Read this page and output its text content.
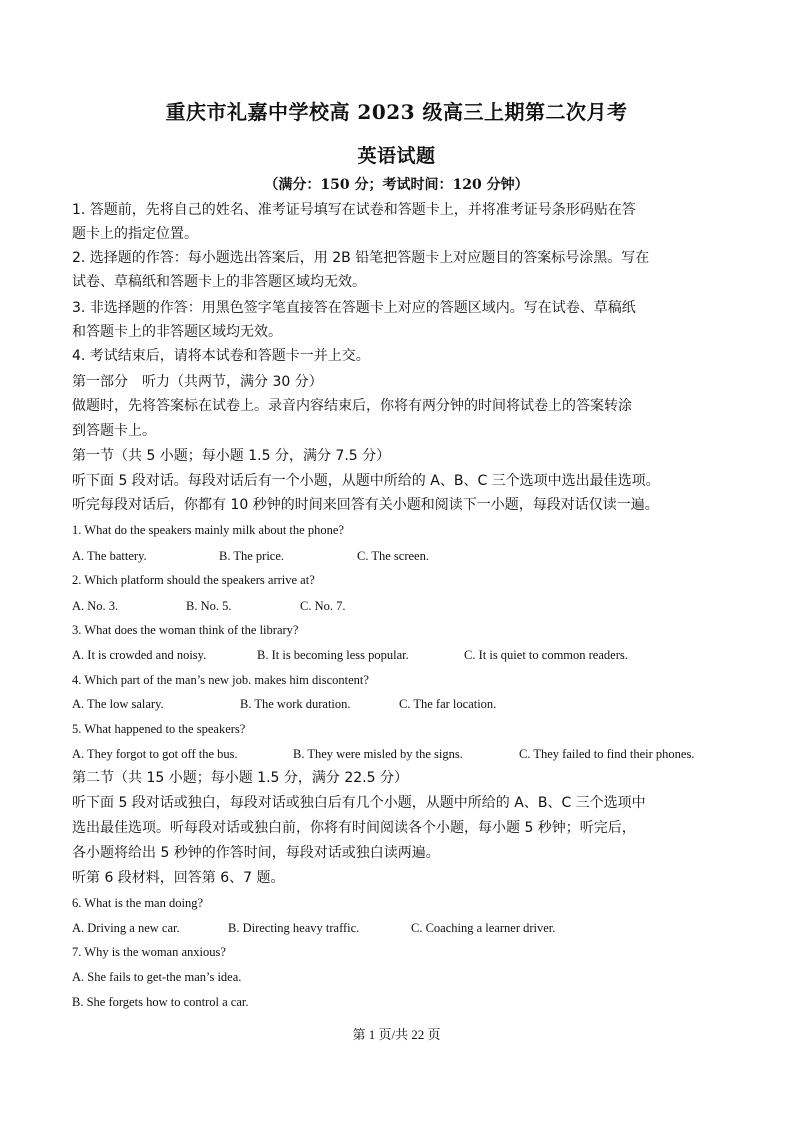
重庆市礼嘉中学校高 2023 级高三上期第二次月考
英语试题
（满分：150 分；考试时间：120 分钟）
1. 答题前，先将自己的姓名、准考证号填写在试卷和答题卡上，并将准考证号条形码贴在答
题卡上的指定位置。
2. 选择题的作答：每小题选出答案后，用 2B 铅笔把答题卡上对应题目的答案标号涂黑。写在
试卷、草稿纸和答题卡上的非答题区域均无效。
3. 非选择题的作答：用黑色签字笔直接答在答题卡上对应的答题区域内。写在试卷、草稿纸
和答题卡上的非答题区域均无效。
4. 考试结束后，请将本试卷和答题卡一并上交。
第一部分　听力（共两节，满分 30 分）
做题时，先将答案标在试卷上。录音内容结束后，你将有两分钟的时间将试卷上的答案转涂
到答题卡上。
第一节（共 5 小题；每小题 1.5 分，满分 7.5 分）
听下面 5 段对话。每段对话后有一个小题，从题中所给的 A、B、C 三个选项中选出最佳选项。
听完每段对话后，你都有 10 秒钟的时间来回答有关小题和阅读下一小题，每段对话仅读一遍。
1. What do the speakers mainly milk about the phone?
A. The battery.	B. The price.	C. The screen.
2. Which platform should the speakers arrive at?
A. No. 3.	B. No. 5.	C. No. 7.
3. What does the woman think of the library?
A. It is crowded and noisy.	B. It is becoming less popular.	C. It is quiet to common readers.
4. Which part of the man’s new job. makes him discontent?
A. The low salary.	B. The work duration.	C. The far location.
5. What happened to the speakers?
A. They forgot to got off the bus.	B. They were misled by the signs.	C. They failed to find their phones.
第二节（共 15 小题；每小题 1.5 分，满分 22.5 分）
听下面 5 段对话或独白，每段对话或独白后有几个小题，从题中所给的 A、B、C 三个选项中
选出最佳选项。听每段对话或独白前，你将有时间阅读各个小题，每小题 5 秒钟；听完后，
各小题将给出 5 秒钟的作答时间，每段对话或独白读两遍。
听第 6 段材料，回答第 6、7 题。
6. What is the man doing?
A. Driving a new car.	B. Directing heavy traffic.	C. Coaching a learner driver.
7. Why is the woman anxious?
A. She fails to get-the man’s idea.
B. She forgets how to control a car.
第 1 页/共 22 页
